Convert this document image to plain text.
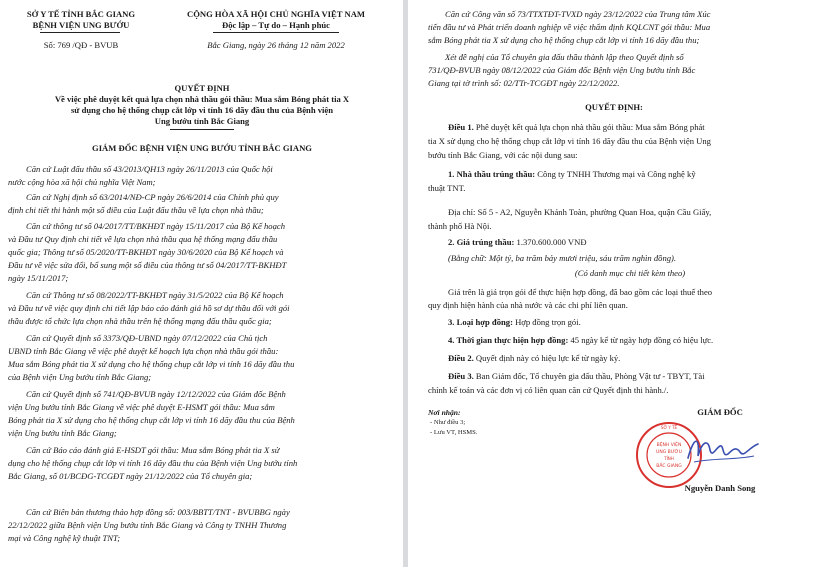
SỞ Y TẾ TỈNH BẮC GIANG
BỆNH VIỆN UNG BƯỚU
Số: 769 /QĐ - BVUB
CỘNG HÒA XÃ HỘI CHỦ NGHĨA VIỆT NAM
Độc lập – Tự do – Hạnh phúc
Bắc Giang, ngày 26 tháng 12 năm 2022
QUYẾT ĐỊNH
Về việc phê duyệt kết quả lựa chọn nhà thầu gói thầu: Mua sắm Bóng phát tia X
sử dụng cho hệ thống chụp cắt lớp vi tính 16 dãy đầu thu của Bệnh viện
Ung bướu tỉnh Bắc Giang
GIÁM ĐỐC BỆNH VIỆN UNG BƯỚU TỈNH BẮC GIANG
Căn cứ Luật đấu thầu số 43/2013/QH13 ngày 26/11/2013 của Quốc hội
nước cộng hòa xã hội chủ nghĩa Việt Nam;
Căn cứ Nghị định số 63/2014/NĐ-CP ngày 26/6/2014 của Chính phủ quy
định chi tiết thi hành một số điều của Luật đấu thầu về lựa chọn nhà thầu;
Căn cứ thông tư số 04/2017/TT/BKHĐT ngày 15/11/2017 của Bộ Kế hoạch
và Đầu tư Quy định chi tiết về lựa chọn nhà thầu qua hệ thống mạng đấu thầu
quốc gia; Thông tư số 05/2020/TT-BKHĐT ngày 30/6/2020 của Bộ Kế hoạch và
Đầu tư về việc sửa đổi, bổ sung một số điều của thông tư số 04/2017/TT-BKHĐT
ngày 15/11/2017;
Căn cứ Thông tư số 08/2022/TT-BKHĐT ngày 31/5/2022 của Bộ Kế hoạch
và Đầu tư về việc quy định chi tiết lập báo cáo đánh giá hồ sơ dự thầu đối với gói
thầu được tổ chức lựa chọn nhà thầu trên hệ thống mạng đấu thầu quốc gia;
Căn cứ Quyết định số 3373/QĐ-UBND ngày 07/12/2022 của Chủ tịch
UBND tỉnh Bắc Giang về việc phê duyệt kế hoạch lựa chọn nhà thầu gói thầu:
Mua sắm Bóng phát tia X sử dụng cho hệ thống chụp cắt lớp vi tính 16 dãy đầu thu
của Bệnh viện Ung bướu tỉnh Bắc Giang;
Căn cứ Quyết định số 741/QĐ-BVUB ngày 12/12/2022 của Giám đốc Bệnh
viện Ung bướu tỉnh Bắc Giang về việc phê duyệt E-HSMT gói thầu: Mua sắm
Bóng phát tia X sử dụng cho hệ thống chụp cắt lớp vi tính 16 dãy đầu thu của Bệnh
viện Ung bướu tỉnh Bắc Giang;
Căn cứ Báo cáo đánh giá E-HSDT gói thầu: Mua sắm Bóng phát tia X sử
dụng cho hệ thống chụp cắt lớp vi tính 16 dãy đầu thu của Bệnh viện Ung bướu tỉnh
Bắc Giang, số 01/BCĐG-TCGĐT ngày 21/12/2022 của Tổ chuyên gia;
Căn cứ Biên bản thương thảo hợp đồng số: 003/BBTT/TNT - BVUBBG ngày
22/12/2022 giữa Bệnh viện Ung bướu tỉnh Bắc Giang và Công ty TNHH Thương
mại và Công nghệ kỹ thuật TNT;
Căn cứ Công văn số 73/TTXTĐT-TVXD ngày 23/12/2022 của Trung tâm Xúc
tiến đầu tư và Phát triển doanh nghiệp về việc thẩm định KQLCNT gói thầu: Mua
sắm Bóng phát tia X sử dụng cho hệ thống chụp cắt lớp vi tính 16 dãy đầu thu;
Xét đề nghị của Tổ chuyên gia đấu thầu thành lập theo Quyết định số
731/QĐ-BVUB ngày 08/12/2022 của Giám đốc Bệnh viện Ung bướu tỉnh Bắc
Giang tại tờ trình số: 02/TTr-TCGĐT ngày 22/12/2022.
QUYẾT ĐỊNH:
Điều 1. Phê duyệt kết quả lựa chọn nhà thầu gói thầu: Mua sắm Bóng phát
tia X sử dụng cho hệ thống chụp cắt lớp vi tính 16 dãy đầu thu của Bệnh viện Ung
bướu tỉnh Bắc Giang, với các nội dung sau:
1. Nhà thầu trúng thầu: Công ty TNHH Thương mại và Công nghệ kỹ
thuật TNT.
Địa chỉ: Số 5 - A2, Nguyễn Khánh Toàn, phường Quan Hoa, quận Cầu Giấy,
thành phố Hà Nội.
2. Giá trúng thầu: 1.370.600.000 VNĐ
(Bằng chữ: Một tỷ, ba trăm bảy mươi triệu, sáu trăm nghìn đồng).
(Có danh mục chi tiết kèm theo)
Giá trên là giá trọn gói để thực hiện hợp đồng, đã bao gồm các loại thuế theo
quy định hiện hành của nhà nước và các chi phí liên quan.
3. Loại hợp đồng: Hợp đồng trọn gói.
4. Thời gian thực hiện hợp đồng: 45 ngày kể từ ngày hợp đồng có hiệu lực.
Điều 2. Quyết định này có hiệu lực kể từ ngày ký.
Điều 3. Ban Giám đốc, Tổ chuyên gia đấu thầu, Phòng Vật tư - TBYT, Tài
chính kế toán và các đơn vị có liên quan căn cứ Quyết định thi hành./.
Nơi nhận:
- Như điều 3;
- Lưu VT, HSMS.
GIÁM ĐỐC
BỆNH VIỆN
UNG BƯỚU
TỈNH
BẮC GIANG
SỞ Y TẾ
Nguyễn Danh Song
